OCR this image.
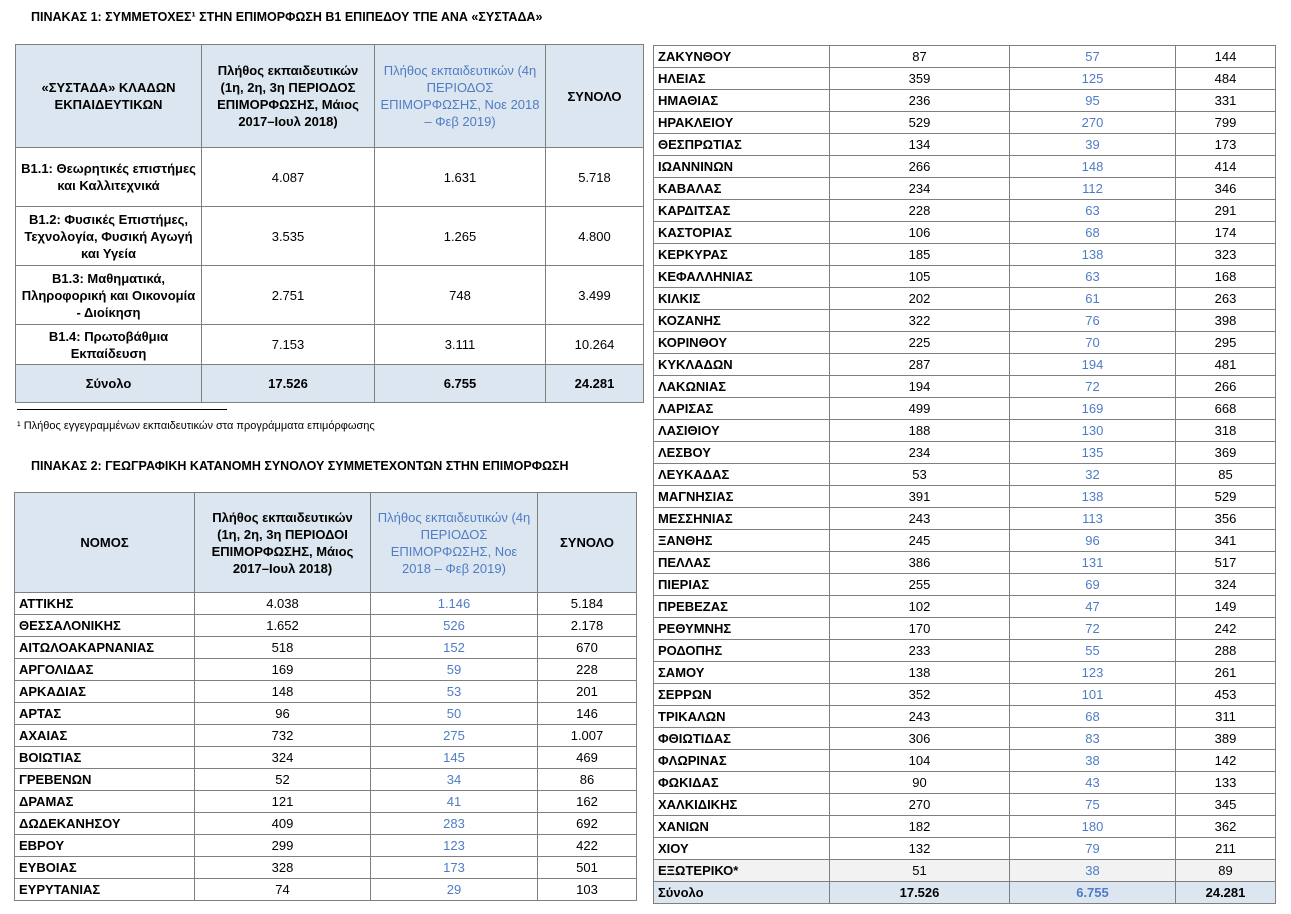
ΠΙΝΑΚΑΣ 1: ΣΥΜΜΕΤΟΧΕΣ¹ ΣΤΗΝ ΕΠΙΜΟΡΦΩΣΗ Β1 ΕΠΙΠΕΔΟΥ ΤΠΕ ΑΝΑ «ΣΥΣΤΑΔΑ»
«ΣΥΣΤΑΔΑ» ΚΛΑΔΩΝ ΕΚΠΑΙΔΕΥΤΙΚΩΝ	Πλήθος εκπαιδευτικών (1η, 2η, 3η ΠΕΡΙΟΔΟΣ ΕΠΙΜΟΡΦΩΣΗΣ, Μάιος 2017–Ιουλ 2018)	Πλήθος εκπαιδευτικών (4η ΠΕΡΙΟΔΟΣ ΕΠΙΜΟΡΦΩΣΗΣ, Νοε 2018 – Φεβ 2019)	ΣΥΝΟΛΟ
Β1.1: Θεωρητικές επιστήμες και Καλλιτεχνικά	4.087	1.631	5.718
Β1.2: Φυσικές Επιστήμες, Τεχνολογία, Φυσική Αγωγή και Υγεία	3.535	1.265	4.800
Β1.3: Μαθηματικά, Πληροφορική και Οικονομία - Διοίκηση	2.751	748	3.499
Β1.4: Πρωτοβάθμια Εκπαίδευση	7.153	3.111	10.264
Σύνολο	17.526	6.755	24.281
¹ Πλήθος εγγεγραμμένων εκπαιδευτικών στα προγράμματα επιμόρφωσης
ΠΙΝΑΚΑΣ 2: ΓΕΩΓΡΑΦΙΚΗ ΚΑΤΑΝΟΜΗ ΣΥΝΟΛΟΥ ΣΥΜΜΕΤΕΧΟΝΤΩΝ ΣΤΗΝ ΕΠΙΜΟΡΦΩΣΗ
ΝΟΜΟΣ	Πλήθος εκπαιδευτικών (1η, 2η, 3η ΠΕΡΙΟΔΟΙ ΕΠΙΜΟΡΦΩΣΗΣ, Μάιος 2017–Ιουλ 2018)	Πλήθος εκπαιδευτικών (4η ΠΕΡΙΟΔΟΣ ΕΠΙΜΟΡΦΩΣΗΣ, Νοε 2018 – Φεβ 2019)	ΣΥΝΟΛΟ
ΑΤΤΙΚΗΣ	4.038	1.146	5.184
ΘΕΣΣΑΛΟΝΙΚΗΣ	1.652	526	2.178
ΑΙΤΩΛΟΑΚΑΡΝΑΝΙΑΣ	518	152	670
ΑΡΓΟΛΙΔΑΣ	169	59	228
ΑΡΚΑΔΙΑΣ	148	53	201
ΑΡΤΑΣ	96	50	146
ΑΧΑΙΑΣ	732	275	1.007
ΒΟΙΩΤΙΑΣ	324	145	469
ΓΡΕΒΕΝΩΝ	52	34	86
ΔΡΑΜΑΣ	121	41	162
ΔΩΔΕΚΑΝΗΣΟΥ	409	283	692
ΕΒΡΟΥ	299	123	422
ΕΥΒΟΙΑΣ	328	173	501
ΕΥΡΥΤΑΝΙΑΣ	74	29	103
ΖΑΚΥΝΘΟΥ	87	57	144
ΗΛΕΙΑΣ	359	125	484
ΗΜΑΘΙΑΣ	236	95	331
ΗΡΑΚΛΕΙΟΥ	529	270	799
ΘΕΣΠΡΩΤΙΑΣ	134	39	173
ΙΩΑΝΝΙΝΩΝ	266	148	414
ΚΑΒΑΛΑΣ	234	112	346
ΚΑΡΔΙΤΣΑΣ	228	63	291
ΚΑΣΤΟΡΙΑΣ	106	68	174
ΚΕΡΚΥΡΑΣ	185	138	323
ΚΕΦΑΛΛΗΝΙΑΣ	105	63	168
ΚΙΛΚΙΣ	202	61	263
ΚΟΖΑΝΗΣ	322	76	398
ΚΟΡΙΝΘΟΥ	225	70	295
ΚΥΚΛΑΔΩΝ	287	194	481
ΛΑΚΩΝΙΑΣ	194	72	266
ΛΑΡΙΣΑΣ	499	169	668
ΛΑΣΙΘΙΟΥ	188	130	318
ΛΕΣΒΟΥ	234	135	369
ΛΕΥΚΑΔΑΣ	53	32	85
ΜΑΓΝΗΣΙΑΣ	391	138	529
ΜΕΣΣΗΝΙΑΣ	243	113	356
ΞΑΝΘΗΣ	245	96	341
ΠΕΛΛΑΣ	386	131	517
ΠΙΕΡΙΑΣ	255	69	324
ΠΡΕΒΕΖΑΣ	102	47	149
ΡΕΘΥΜΝΗΣ	170	72	242
ΡΟΔΟΠΗΣ	233	55	288
ΣΑΜΟΥ	138	123	261
ΣΕΡΡΩΝ	352	101	453
ΤΡΙΚΑΛΩΝ	243	68	311
ΦΘΙΩΤΙΔΑΣ	306	83	389
ΦΛΩΡΙΝΑΣ	104	38	142
ΦΩΚΙΔΑΣ	90	43	133
ΧΑΛΚΙΔΙΚΗΣ	270	75	345
ΧΑΝΙΩΝ	182	180	362
ΧΙΟΥ	132	79	211
ΕΞΩΤΕΡΙΚΟ*	51	38	89
Σύνολο	17.526	6.755	24.281
